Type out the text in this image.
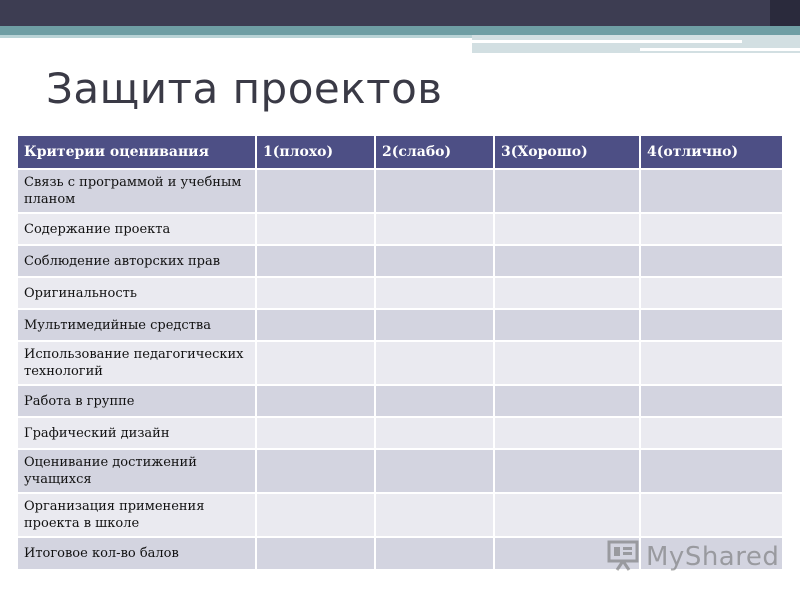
Защита проектов
Критерии оценивания	1(плохо)	2(слабо)	3(Хорошо)	4(отлично)
Связь с программой и учебным планом				
Содержание проекта				
Соблюдение авторских прав				
Оригинальность				
Мультимедийные средства				
Использование педагогических технологий				
Работа в группе				
Графический дизайн				
Оценивание достижений учащихся				
Организация применения проекта в школе				
Итоговое кол-во балов					MyShared
